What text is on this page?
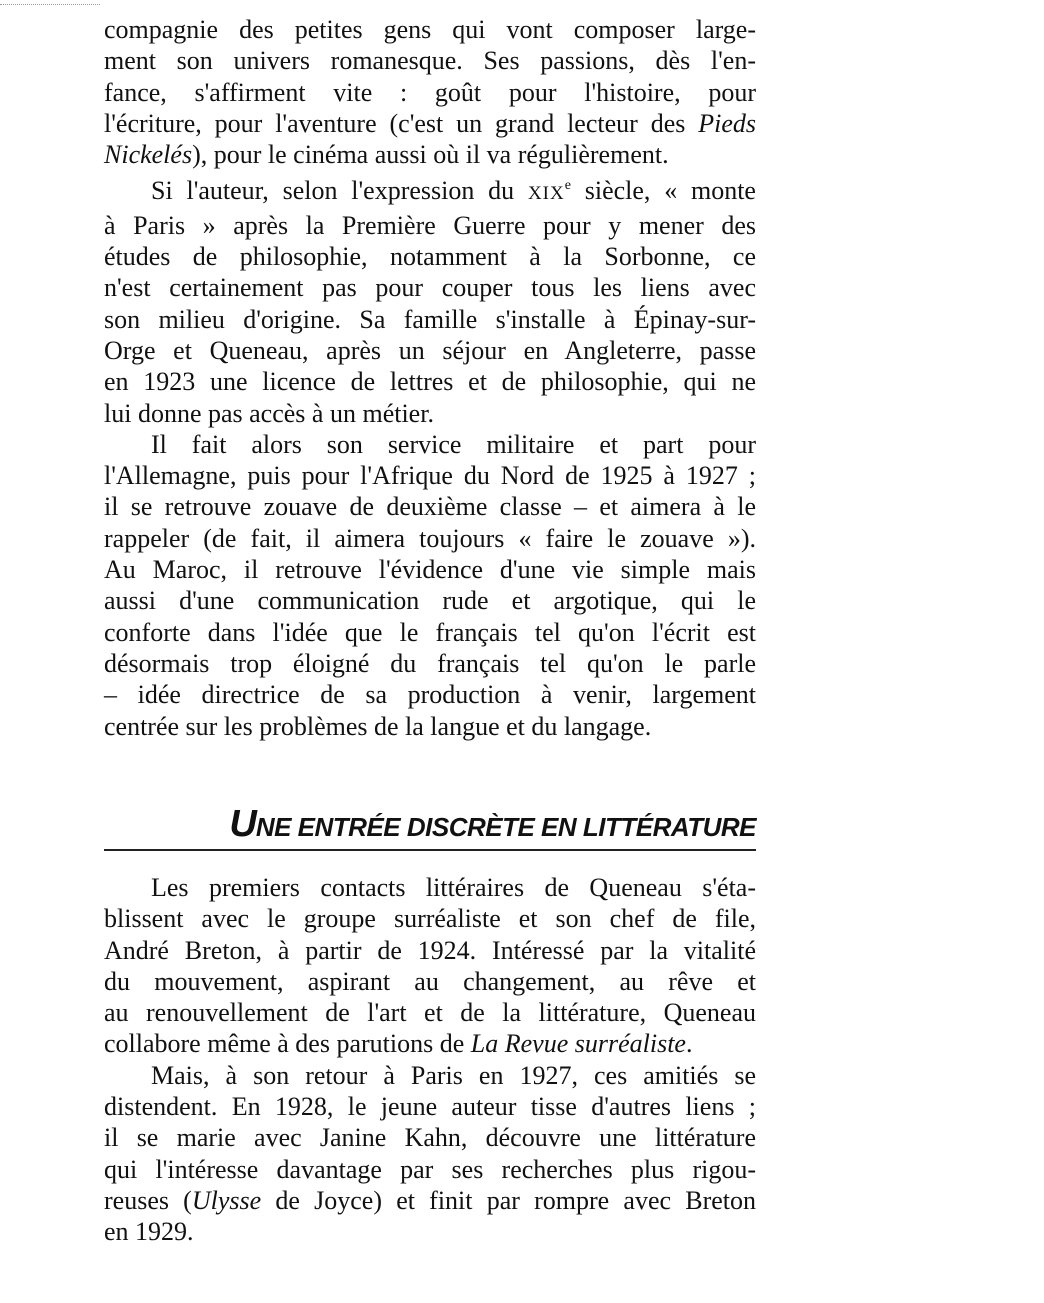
compagnie des petites gens qui vont composer large-
ment son univers romanesque. Ses passions, dès l'en-
fance, s'affirment vite : goût pour l'histoire, pour
l'écriture, pour l'aventure (c'est un grand lecteur des Pieds
Nickelés), pour le cinéma aussi où il va régulièrement.
Si l'auteur, selon l'expression du XIXe siècle, « monte
à Paris » après la Première Guerre pour y mener des
études de philosophie, notamment à la Sorbonne, ce
n'est certainement pas pour couper tous les liens avec
son milieu d'origine. Sa famille s'installe à Épinay-sur-
Orge et Queneau, après un séjour en Angleterre, passe
en 1923 une licence de lettres et de philosophie, qui ne
lui donne pas accès à un métier.
Il fait alors son service militaire et part pour
l'Allemagne, puis pour l'Afrique du Nord de 1925 à 1927 ;
il se retrouve zouave de deuxième classe – et aimera à le
rappeler (de fait, il aimera toujours « faire le zouave »).
Au Maroc, il retrouve l'évidence d'une vie simple mais
aussi d'une communication rude et argotique, qui le
conforte dans l'idée que le français tel qu'on l'écrit est
désormais trop éloigné du français tel qu'on le parle
– idée directrice de sa production à venir, largement
centrée sur les problèmes de la langue et du langage.
UNE ENTRÉE DISCRÈTE EN LITTÉRATURE
Les premiers contacts littéraires de Queneau s'éta-
blissent avec le groupe surréaliste et son chef de file,
André Breton, à partir de 1924. Intéressé par la vitalité
du mouvement, aspirant au changement, au rêve et
au renouvellement de l'art et de la littérature, Queneau
collabore même à des parutions de La Revue surréaliste.
Mais, à son retour à Paris en 1927, ces amitiés se
distendent. En 1928, le jeune auteur tisse d'autres liens ;
il se marie avec Janine Kahn, découvre une littérature
qui l'intéresse davantage par ses recherches plus rigou-
reuses (Ulysse de Joyce) et finit par rompre avec Breton
en 1929.
